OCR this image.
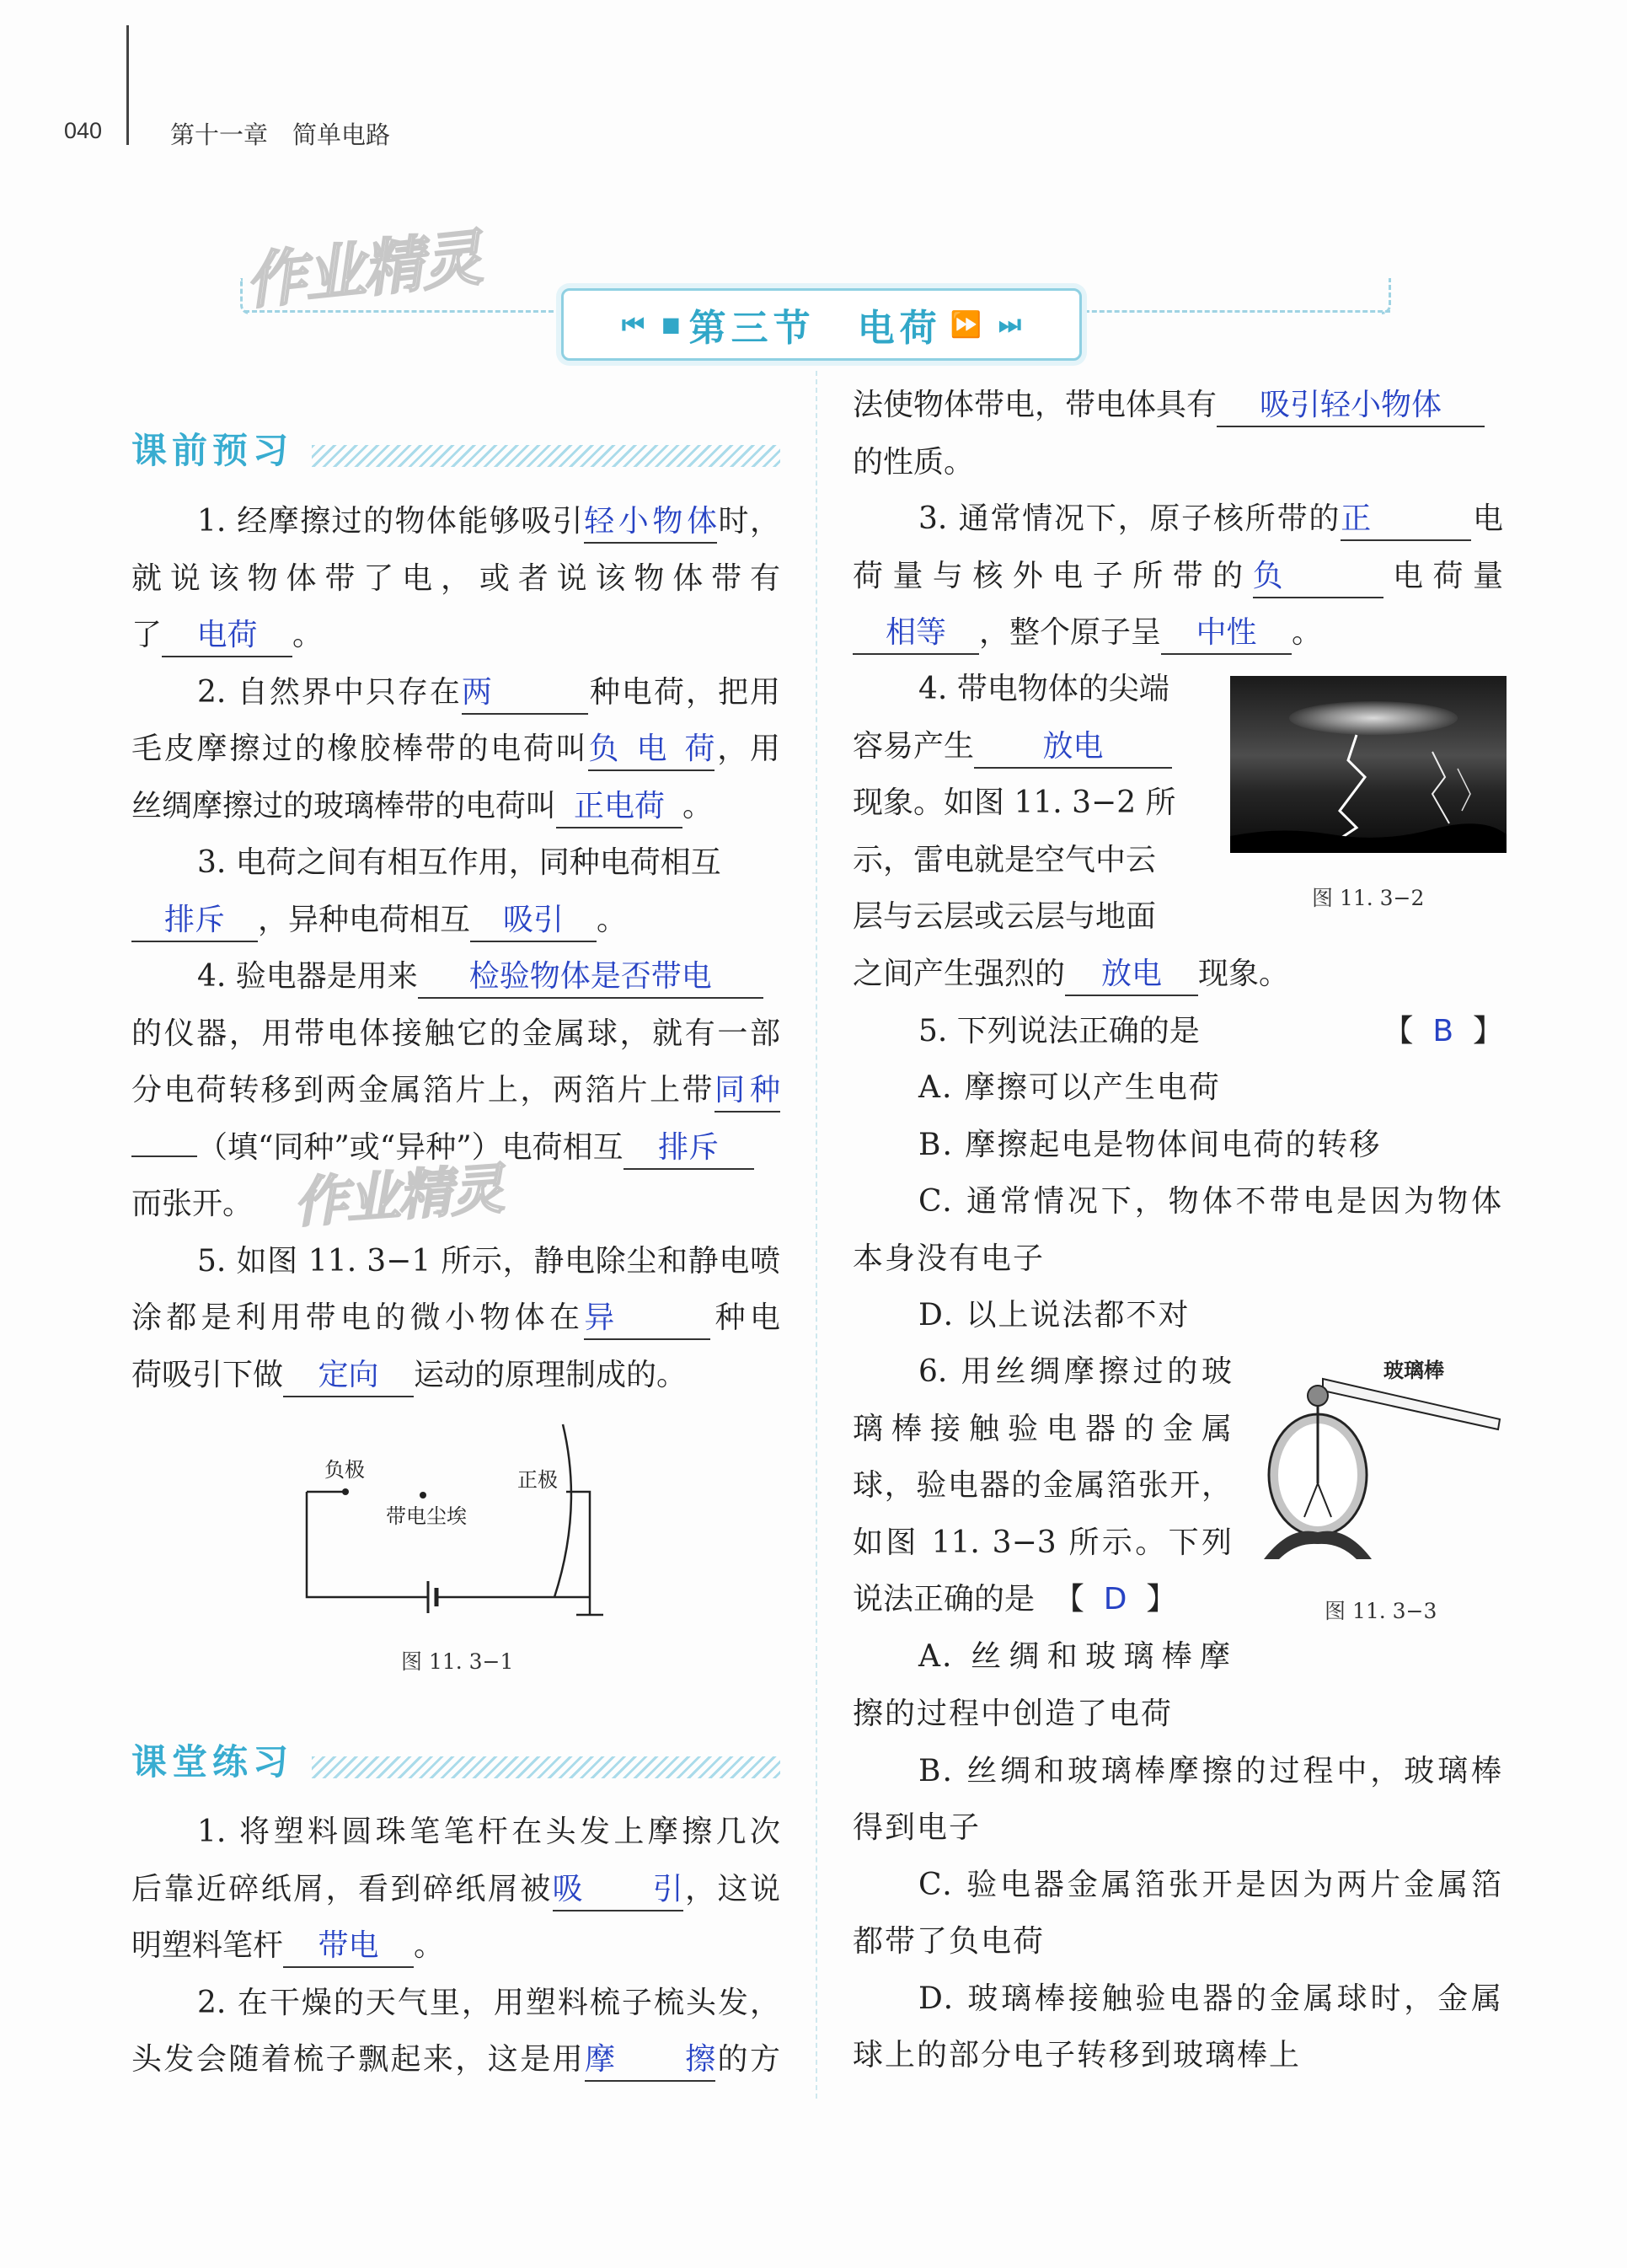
040	第十一章　简单电路
作业精灵
作业精灵
⏮ ■ 第三节　电荷 ⏩ ⏭
课前预习

1. 经摩擦过的物体能够吸引轻小物体时，

就说该物体带了电，或者说该物体带有

了 电荷 。

2. 自然界中只存在两	种电荷，把用

毛皮摩擦过的橡胶棒带的电荷叫负电荷，用

丝绸摩擦过的玻璃棒带的电荷叫 正电荷 。

3. 电荷之间有相互作用，同种电荷相互

排斥 ，异种电荷相互 吸引 。

4. 验电器是用来 检验物体是否带电

的仪器，用带电体接触它的金属球，就有一部

分电荷转移到两金属箔片上，两箔片上带同种

（填“同种”或“异种”）电荷相互 排斥

而张开。

5. 如图 11. 3−1 所示，静电除尘和静电喷

涂都是利用带电的微小物体在异	种电

荷吸引下做 定向 运动的原理制成的。

负极
带电尘埃
正极
图 11. 3−1
课堂练习

1. 将塑料圆珠笔笔杆在头发上摩擦几次

后靠近碎纸屑，看到碎纸屑被吸引，这说

明塑料笔杆 带电 。

2. 在干燥的天气里，用塑料梳子梳头发，

头发会随着梳子飘起来，这是用摩擦的方

法使物体带电，带电体具有 吸引轻小物体

的性质。

3. 通常情况下，原子核所带的正	电

荷量与核外电子所带的负	电荷量

相等 ，整个原子呈 中性 。

4. 带电物体的尖端

容易产生 放电

现象。如图 11. 3−2 所

示，雷电就是空气中云

层与云层或云层与地面

图 11. 3−2

之间产生强烈的 放电 现象。

5. 下列说法正确的是	【  B  】

A. 摩擦可以产生电荷

B. 摩擦起电是物体间电荷的转移

C. 通常情况下，物体不带电是因为物体

本身没有电子

D. 以上说法都不对

6. 用丝绸摩擦过的玻

璃棒接触验电器的金属

球，验电器的金属箔张开，

如图 11. 3−3 所示。下列

说法正确的是  【  D  】

A. 丝绸和玻璃棒摩

玻璃棒
图 11. 3−3

擦的过程中创造了电荷

B. 丝绸和玻璃棒摩擦的过程中，玻璃棒

得到电子

C. 验电器金属箔张开是因为两片金属箔

都带了负电荷

D. 玻璃棒接触验电器的金属球时，金属

球上的部分电子转移到玻璃棒上
